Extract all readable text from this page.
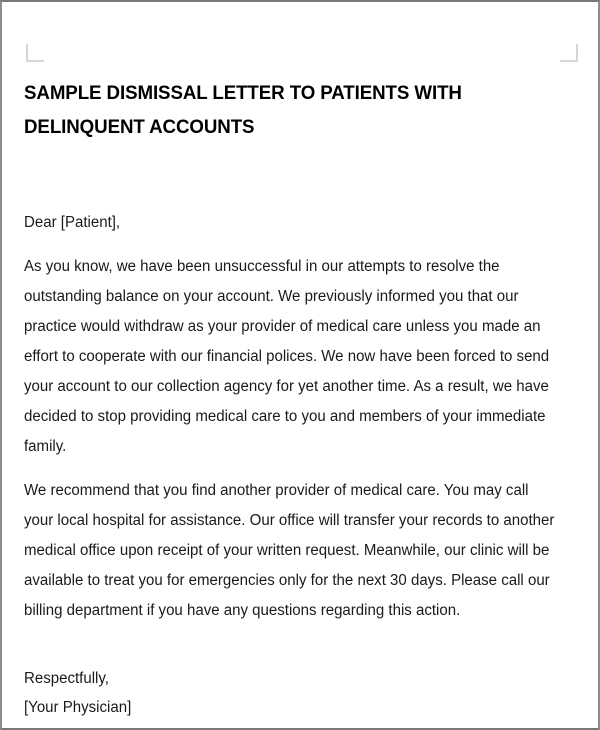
SAMPLE DISMISSAL LETTER TO PATIENTS WITH DELINQUENT ACCOUNTS

Dear [Patient],

As you know, we have been unsuccessful in our attempts to resolve the outstanding balance on your account. We previously informed you that our practice would withdraw as your provider of medical care unless you made an effort to cooperate with our financial polices. We now have been forced to send your account to our collection agency for yet another time. As a result, we have decided to stop providing medical care to you and members of your immediate family.

We recommend that you find another provider of medical care. You may call your local hospital for assistance. Our office will transfer your records to another medical office upon receipt of your written request. Meanwhile, our clinic will be available to treat you for emergencies only for the next 30 days. Please call our billing department if you have any questions regarding this action.

Respectfully,

[Your Physician]
